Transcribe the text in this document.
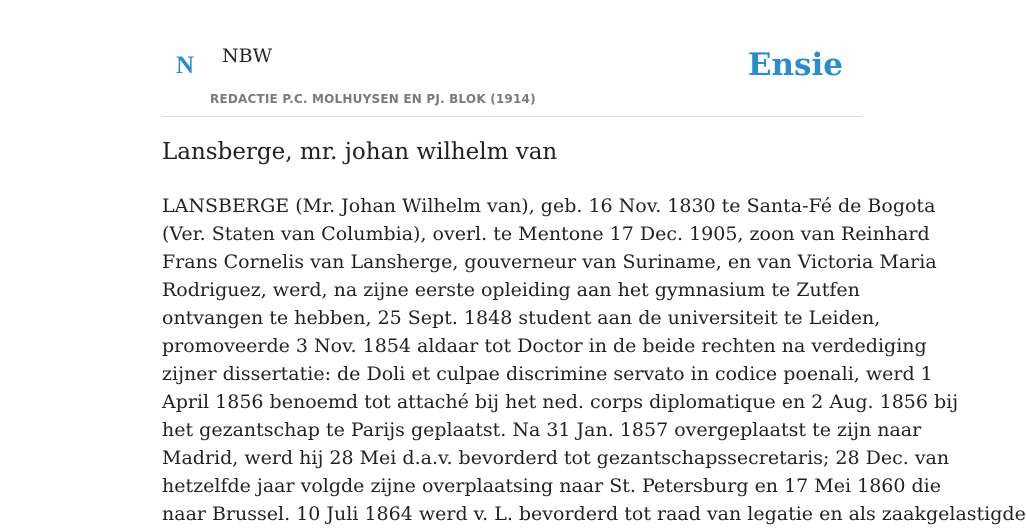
N NBW
REDACTIE P.C. MOLHUYSEN EN PJ. BLOK (1914)
Ensie
Lansberge, mr. johan wilhelm van

LANSBERGE (Mr. Johan Wilhelm van), geb. 16 Nov. 1830 te Santa-Fé de Bogota
(Ver. Staten van Columbia), overl. te Mentone 17 Dec. 1905, zoon van Reinhard
Frans Cornelis van Lansherge, gouverneur van Suriname, en van Victoria Maria
Rodriguez, werd, na zijne eerste opleiding aan het gymnasium te Zutfen
ontvangen te hebben, 25 Sept. 1848 student aan de universiteit te Leiden,
promoveerde 3 Nov. 1854 aldaar tot Doctor in de beide rechten na verdediging
zijner dissertatie: de Doli et culpae discrimine servato in codice poenali, werd 1
April 1856 benoemd tot attaché bij het ned. corps diplomatique en 2 Aug. 1856 bij
het gezantschap te Parijs geplaatst. Na 31 Jan. 1857 overgeplaatst te zijn naar
Madrid, werd hij 28 Mei d.a.v. bevorderd tot gezantschapssecretaris; 28 Dec. van
hetzelfde jaar volgde zijne overplaatsing naar St. Petersburg en 17 Mei 1860 die
naar Brussel. 10 Juli 1864 werd v. L. bevorderd tot raad van legatie en als zaakgelastigde
